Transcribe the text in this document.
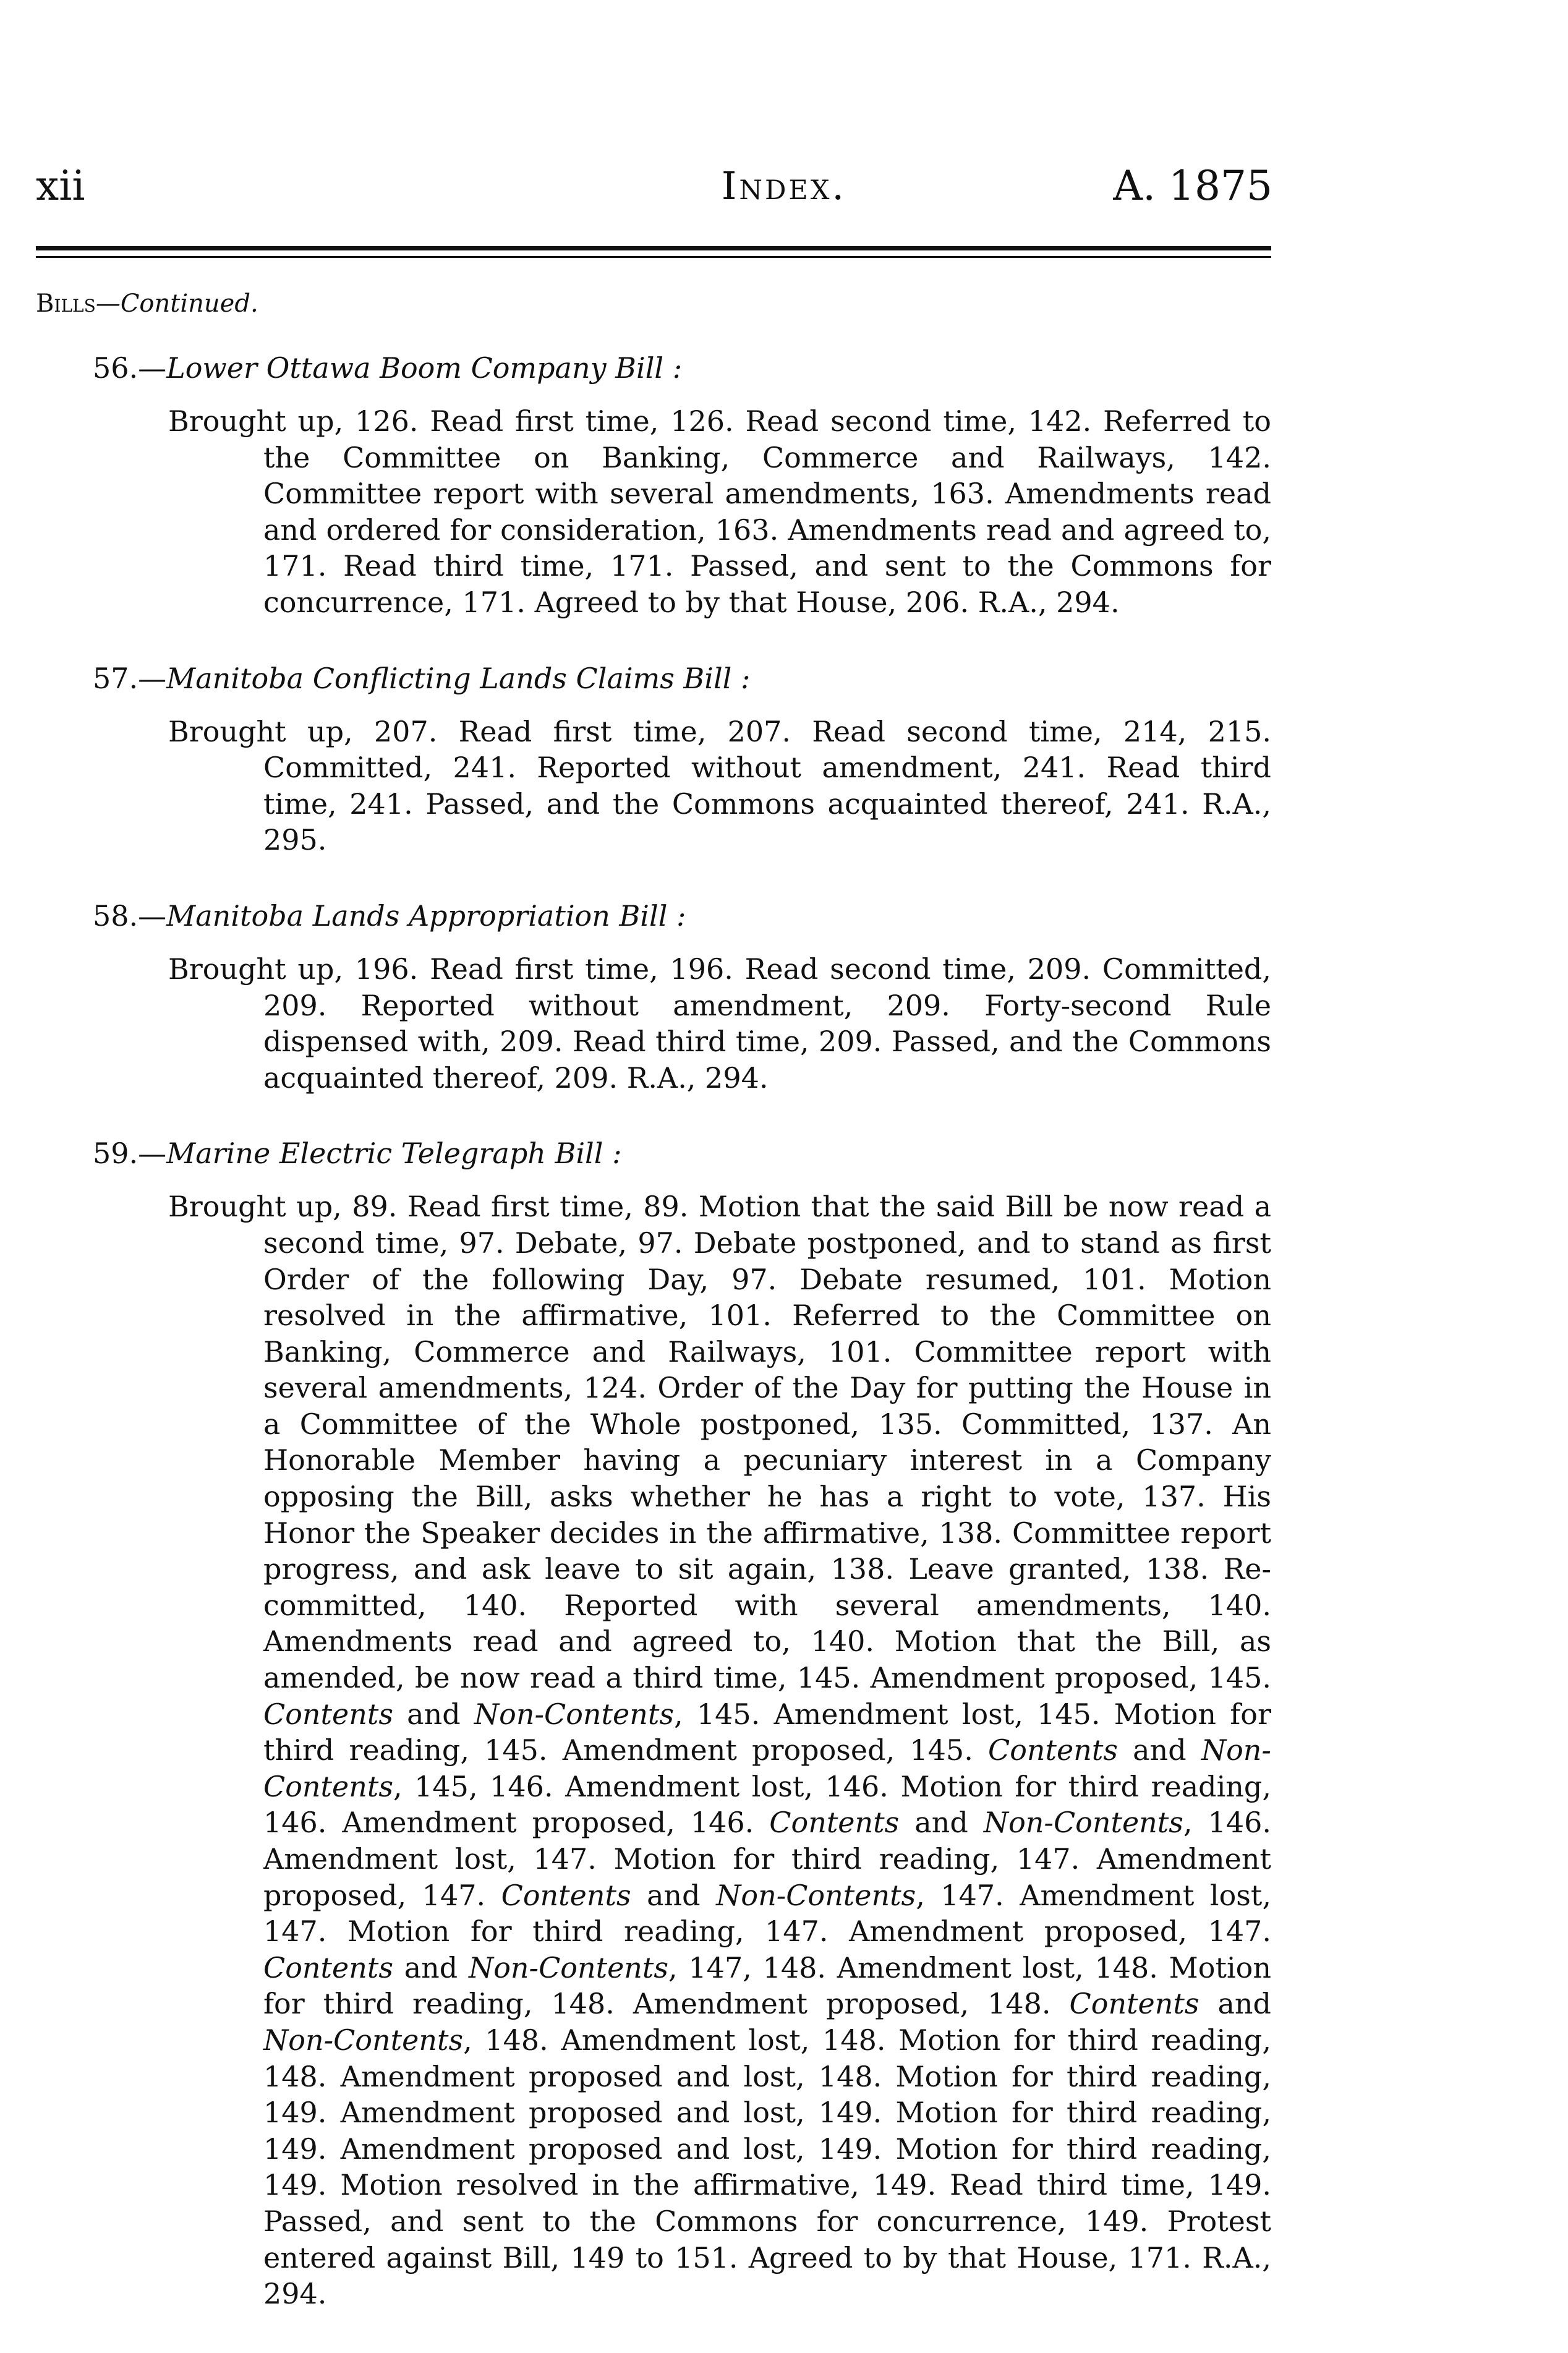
xii	Index.	A. 1875
Bills—Continued.
56.—Lower Ottawa Boom Company Bill :
Brought up, 126. Read first time, 126. Read second time, 142. Referred to the Committee on Banking, Commerce and Railways, 142. Committee report with several amendments, 163. Amendments read and ordered for consideration, 163. Amendments read and agreed to, 171. Read third time, 171. Passed, and sent to the Commons for concurrence, 171. Agreed to by that House, 206. R.A., 294.
57.—Manitoba Conflicting Lands Claims Bill :
Brought up, 207. Read first time, 207. Read second time, 214, 215. Committed, 241. Reported without amendment, 241. Read third time, 241. Passed, and the Commons acquainted thereof, 241. R.A., 295.
58.—Manitoba Lands Appropriation Bill :
Brought up, 196. Read first time, 196. Read second time, 209. Committed, 209. Reported without amendment, 209. Forty-second Rule dispensed with, 209. Read third time, 209. Passed, and the Commons acquainted thereof, 209. R.A., 294.
59.—Marine Electric Telegraph Bill :
Brought up, 89. Read first time, 89. Motion that the said Bill be now read a second time, 97. Debate, 97. Debate postponed, and to stand as first Order of the following Day, 97. Debate resumed, 101. Motion resolved in the affirmative, 101. Referred to the Committee on Banking, Commerce and Railways, 101. Committee report with several amendments, 124. Order of the Day for putting the House in a Committee of the Whole postponed, 135. Committed, 137. An Honorable Member having a pecuniary interest in a Company opposing the Bill, asks whether he has a right to vote, 137. His Honor the Speaker decides in the affirmative, 138. Committee report progress, and ask leave to sit again, 138. Leave granted, 138. Re-committed, 140. Reported with several amendments, 140. Amendments read and agreed to, 140. Motion that the Bill, as amended, be now read a third time, 145. Amendment proposed, 145. Contents and Non-Contents, 145. Amendment lost, 145. Motion for third reading, 145. Amendment proposed, 145. Contents and Non-Contents, 145, 146. Amendment lost, 146. Motion for third reading, 146. Amendment proposed, 146. Contents and Non-Contents, 146. Amendment lost, 147. Motion for third reading, 147. Amendment proposed, 147. Contents and Non-Contents, 147. Amendment lost, 147. Motion for third reading, 147. Amendment proposed, 147. Contents and Non-Contents, 147, 148. Amendment lost, 148. Motion for third reading, 148. Amendment proposed, 148. Contents and Non-Contents, 148. Amendment lost, 148. Motion for third reading, 148. Amendment proposed and lost, 148. Motion for third reading, 149. Amendment proposed and lost, 149. Motion for third reading, 149. Amendment proposed and lost, 149. Motion for third reading, 149. Motion resolved in the affirmative, 149. Read third time, 149. Passed, and sent to the Commons for concurrence, 149. Protest entered against Bill, 149 to 151. Agreed to by that House, 171. R.A., 294.
